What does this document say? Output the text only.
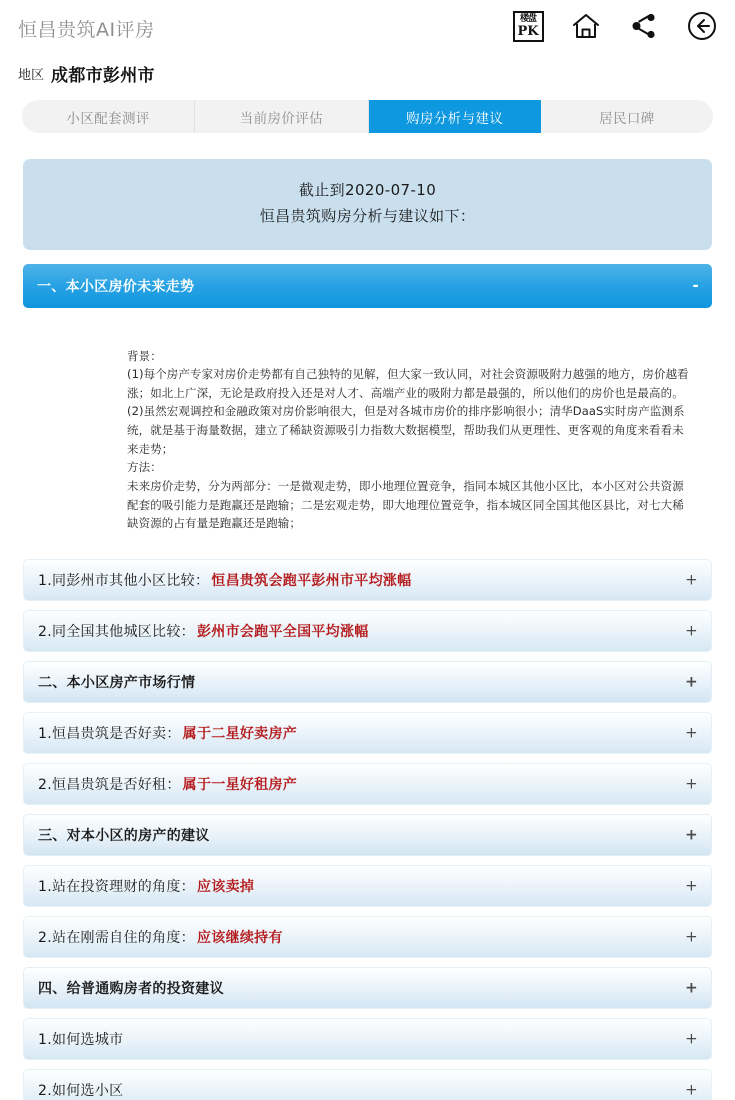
恒昌贵筑AI评房
楼盘
PK
地区 成都市彭州市
小区配套测评	当前房价评估	购房分析与建议	居民口碑
截止到2020-07-10
恒昌贵筑购房分析与建议如下：
一、本小区房价未来走势	-

背景：

(1)每个房产专家对房价走势都有自己独特的见解，但大家一致认同，对社会资源吸附力越强的地方，房价越看涨；如北上广深，无论是政府投入还是对人才、高端产业的吸附力都是最强的，所以他们的房价也是最高的。

(2)虽然宏观调控和金融政策对房价影响很大，但是对各城市房价的排序影响很小；清华DaaS实时房产监测系统，就是基于海量数据，建立了稀缺资源吸引力指数大数据模型，帮助我们从更理性、更客观的角度来看看未来走势；

方法：

未来房价走势，分为两部分：一是微观走势，即小地理位置竞争，指同本城区其他小区比，本小区对公共资源配套的吸引能力是跑赢还是跑输；二是宏观走势，即大地理位置竞争，指本城区同全国其他区县比，对七大稀缺资源的占有量是跑赢还是跑输；

1.同彭州市其他小区比较： 恒昌贵筑会跑平彭州市平均涨幅	+
2.同全国其他城区比较： 彭州市会跑平全国平均涨幅	+
二、本小区房产市场行情	+
1.恒昌贵筑是否好卖： 属于二星好卖房产	+
2.恒昌贵筑是否好租： 属于一星好租房产	+
三、对本小区的房产的建议	+
1.站在投资理财的角度： 应该卖掉	+
2.站在刚需自住的角度： 应该继续持有	+
四、给普通购房者的投资建议	+
1.如何选城市	+
2.如何选小区	+
